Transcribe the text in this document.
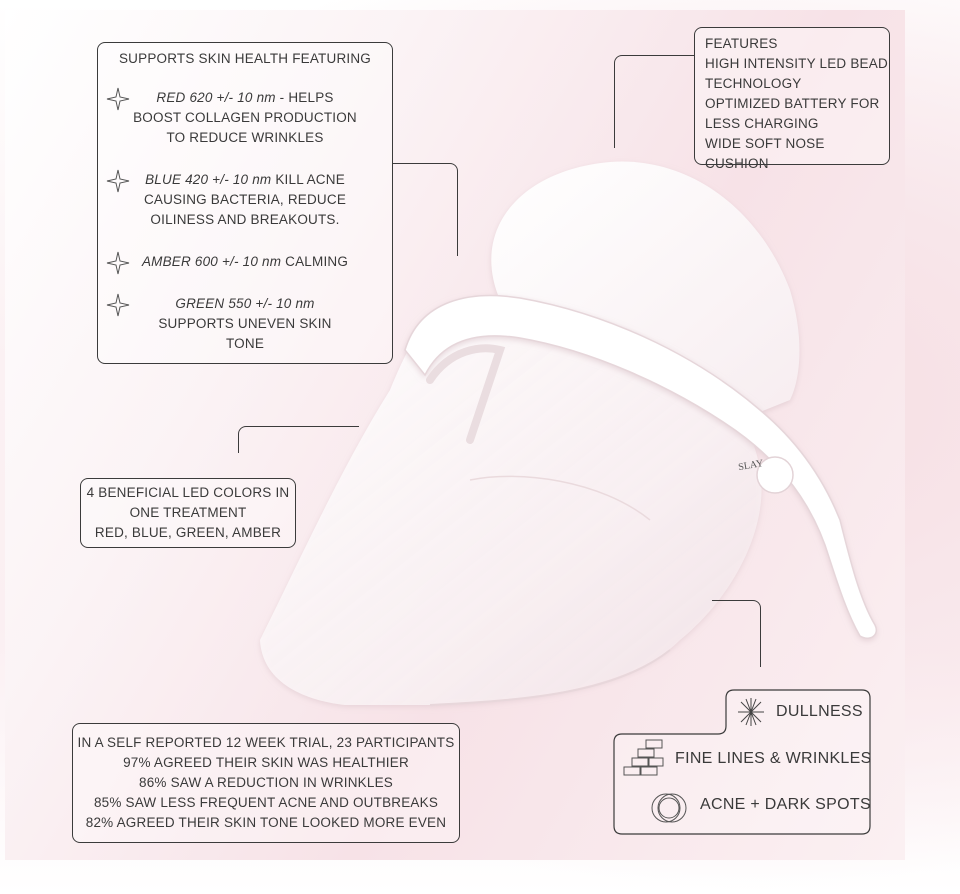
SLAY

SUPPORTS SKIN HEALTH FEATURING

RED 620 +/- 10 nm - HELPS

BOOST COLLAGEN PRODUCTION

TO REDUCE WRINKLES

BLUE 420 +/- 10 nm KILL ACNE

CAUSING BACTERIA, REDUCE

OILINESS AND BREAKOUTS.

AMBER 600 +/- 10 nm CALMING

GREEN 550 +/- 10 nm

SUPPORTS UNEVEN SKIN

TONE

FEATURES

HIGH INTENSITY LED BEAD

TECHNOLOGY

OPTIMIZED BATTERY FOR

LESS CHARGING

WIDE SOFT NOSE CUSHION

4 BENEFICIAL LED COLORS IN

ONE TREATMENT

RED, BLUE, GREEN, AMBER

IN A SELF REPORTED 12 WEEK TRIAL, 23 PARTICIPANTS

97% AGREED THEIR SKIN WAS HEALTHIER

86% SAW A REDUCTION IN WRINKLES

85% SAW LESS FREQUENT ACNE AND OUTBREAKS

82% AGREED THEIR SKIN TONE LOOKED MORE EVEN

DULLNESS
FINE LINES & WRINKLES
ACNE + DARK SPOTS
